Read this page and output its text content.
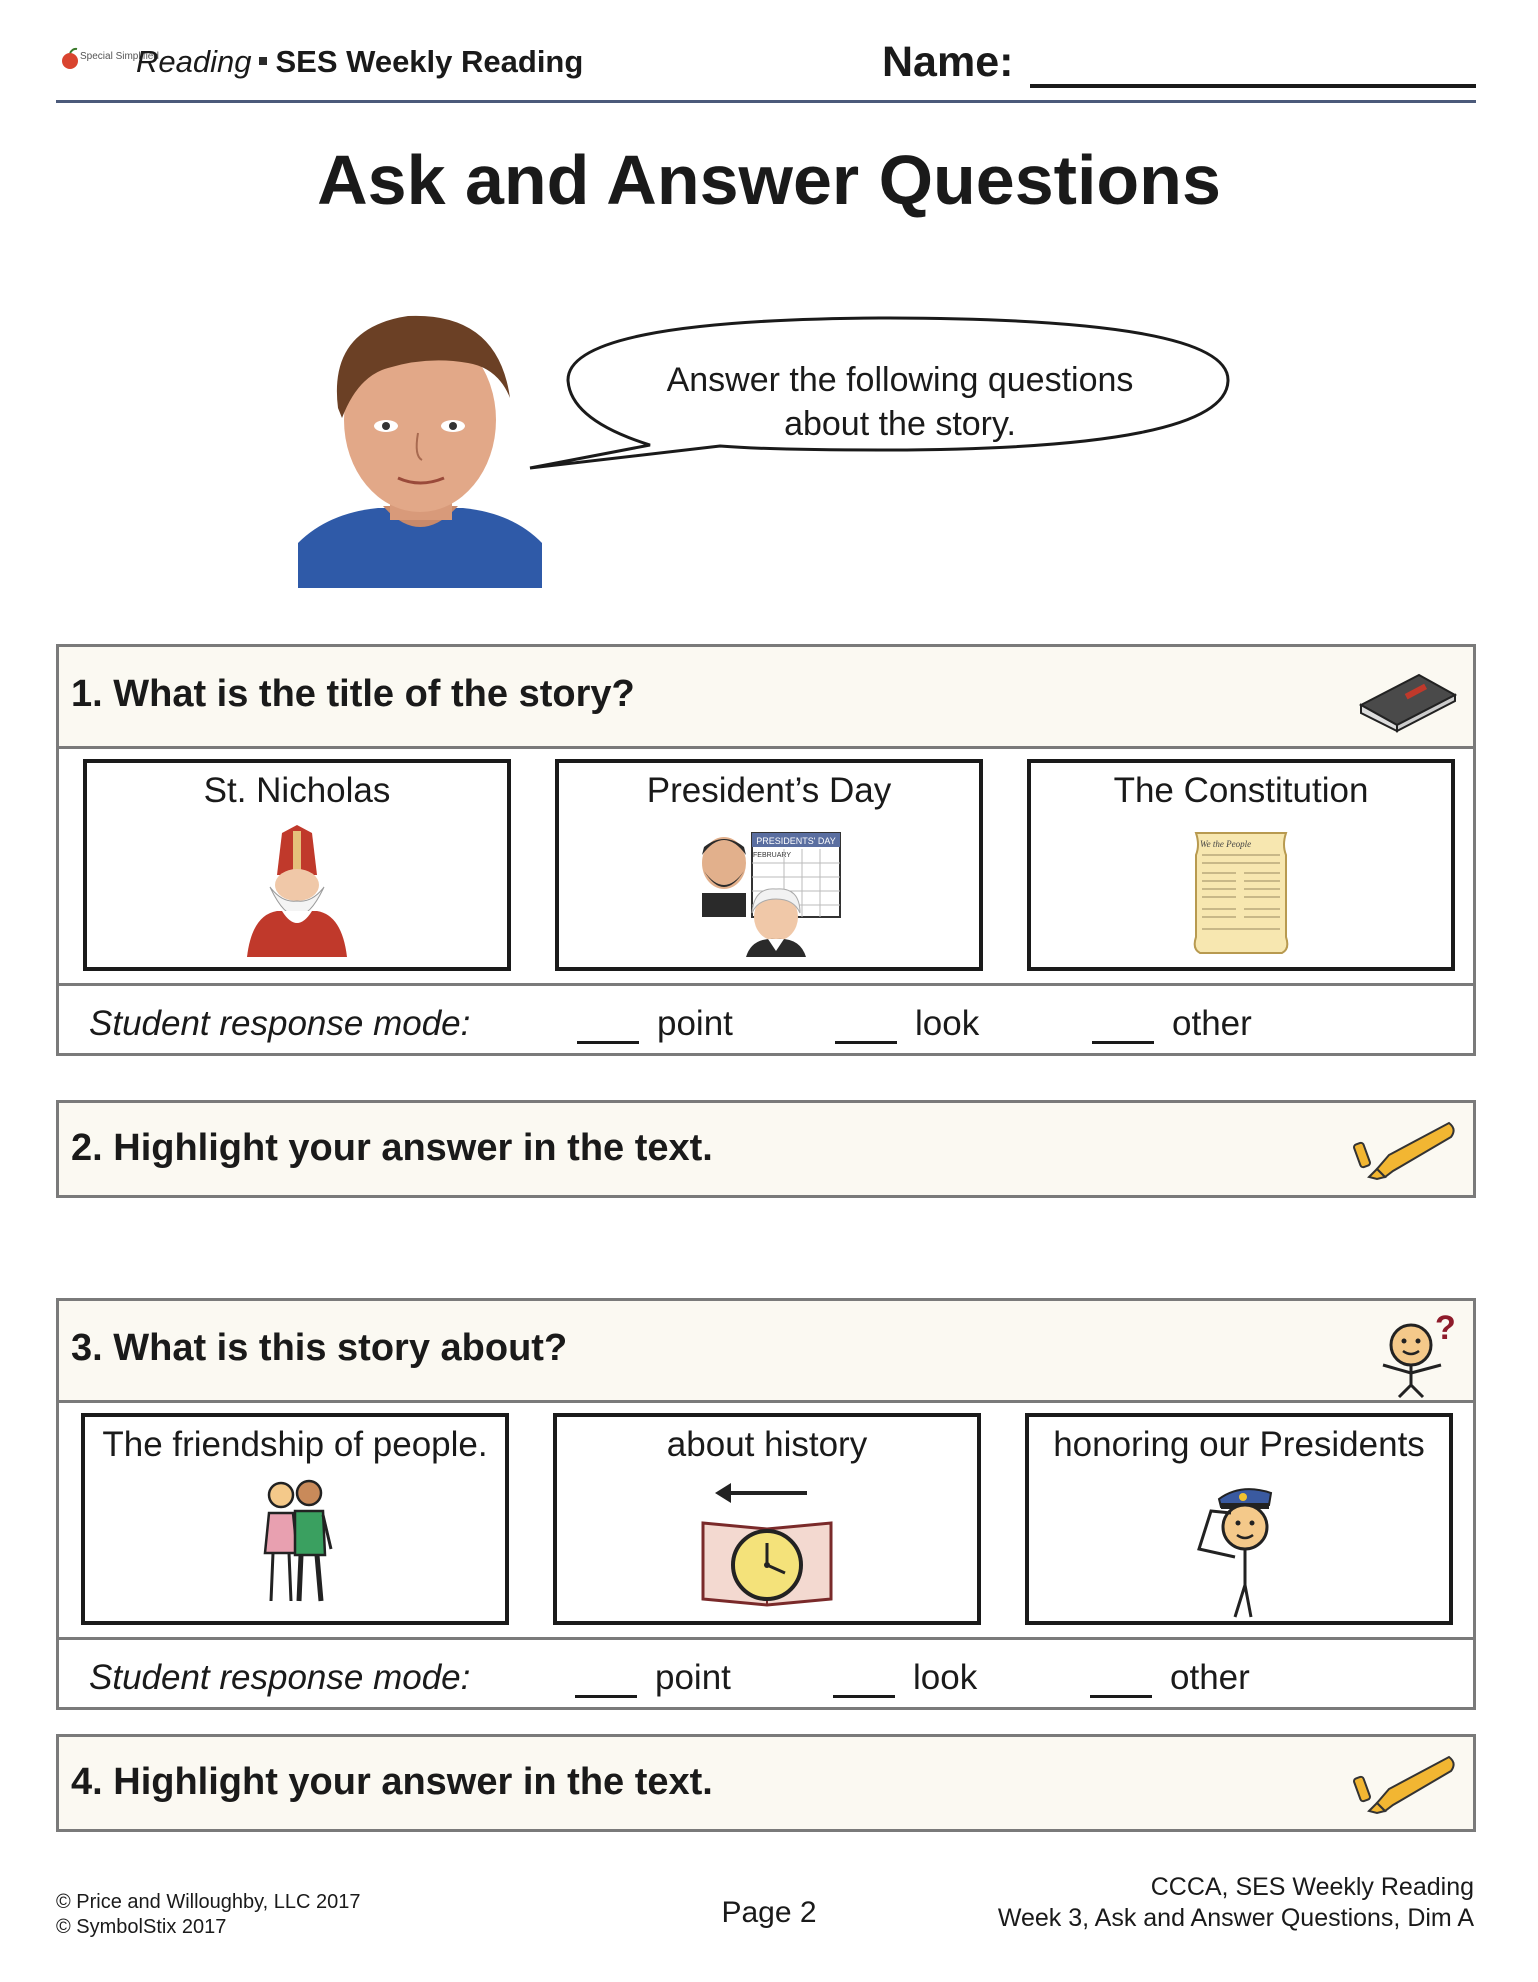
Special Simplified
Reading SES Weekly Reading	Name:
Ask and Answer Questions
Answer the following questions
about the story.
1. What is the title of the story?
St. Nicholas	President’s Day
PRESIDENTS' DAY
FEBRUARY
The Constitution
We the People
Student response mode:	point	look	other
2. Highlight your answer in the text.
3. What is this story about?	?
The friendship of people.	about history	honoring our Presidents
Student response mode:	point	look	other
4. Highlight your answer in the text.
© Price and Willoughby, LLC 2017
© SymbolStix 2017	Page 2
CCCA, SES Weekly Reading
Week 3, Ask and Answer Questions, Dim A
